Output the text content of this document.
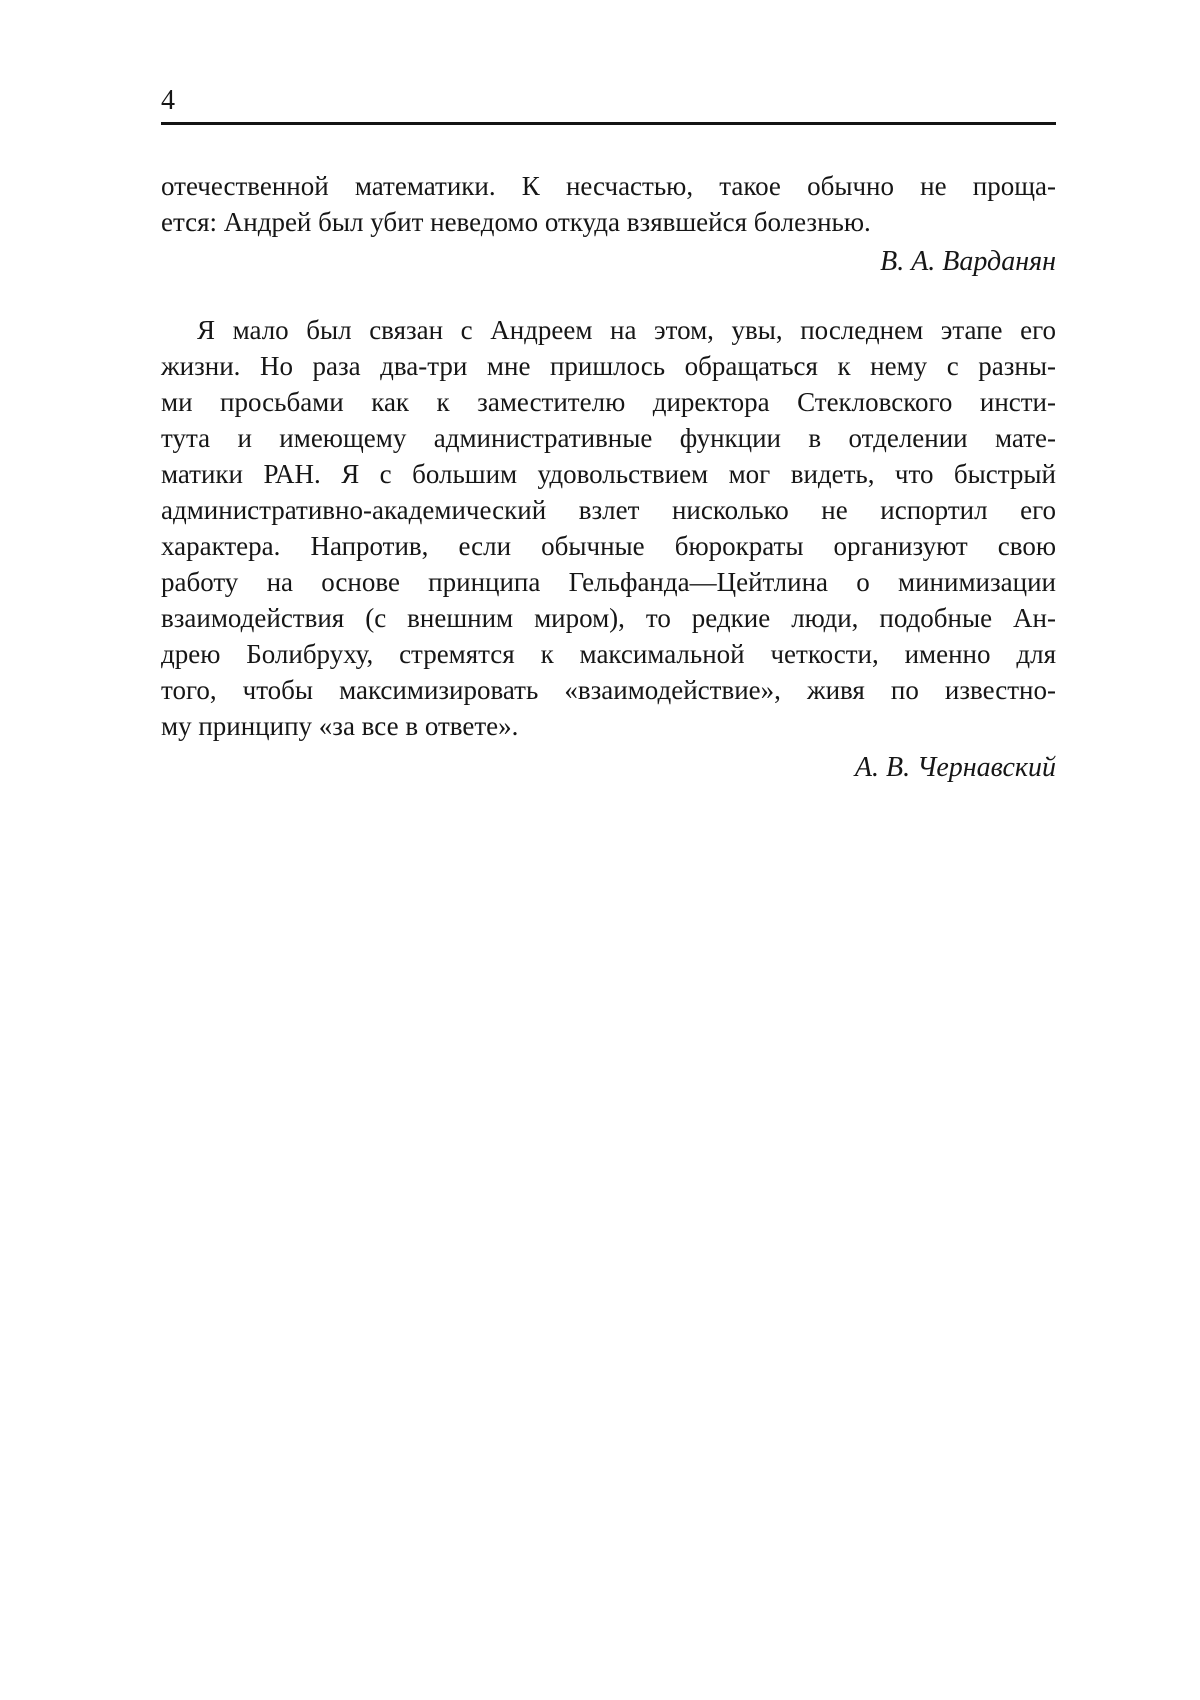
4
отечественной математики. К несчастью, такое обычно не проща-
ется: Андрей был убит неведомо откуда взявшейся болезнью.
В. А. Варданян
Я мало был связан с Андреем на этом, увы, последнем этапе его
жизни. Но раза два-три мне пришлось обращаться к нему с разны-
ми просьбами как к заместителю директора Стекловского инсти-
тута и имеющему административные функции в отделении мате-
матики РАН. Я с большим удовольствием мог видеть, что быстрый
административно-академический взлет нисколько не испортил его
характера. Напротив, если обычные бюрократы организуют свою
работу на основе принципа Гельфанда—Цейтлина о минимизации
взаимодействия (с внешним миром), то редкие люди, подобные Ан-
дрею Болибруху, стремятся к максимальной четкости, именно для
того, чтобы максимизировать «взаимодействие», живя по известно-
му принципу «за все в ответе».
А. В. Чернавский
